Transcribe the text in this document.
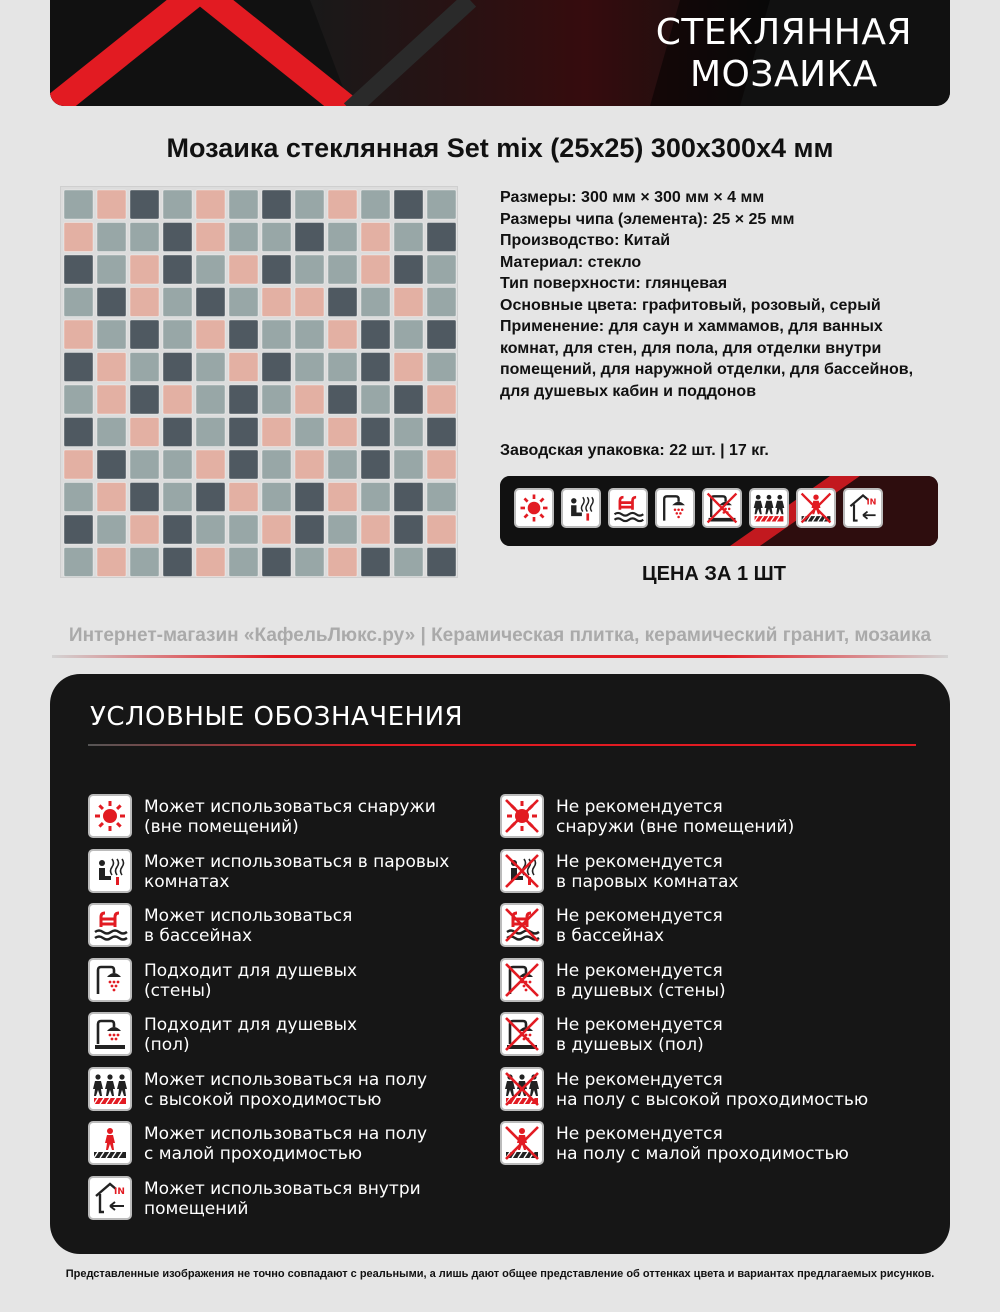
СТЕКЛЯННАЯ
МОЗАИКА
Мозаика стеклянная Set mix (25x25) 300x300x4 мм
Размеры: 300 мм × 300 мм × 4 мм
Размеры чипа (элемента): 25 × 25 мм
Производство: Китай
Материал: стекло
Тип поверхности: глянцевая
Основные цвета: графитовый, розовый, серый
Применение: для саун и хаммамов, для ванных
комнат, для стен, для пола, для отделки внутри
помещений, для наружной отделки, для бассейнов,
для душевых кабин и поддонов
Заводская упаковка: 22 шт. | 17 кг.
IN
ЦЕНА ЗА 1 ШТ
Интернет-магазин «КафельЛюкс.ру» | Керамическая плитка, керамический гранит, мозаика
УСЛОВНЫЕ ОБОЗНАЧЕНИЯ
Может использоваться снаружи
(вне помещений)
Может использоваться в паровых
комнатах
Может использоваться
в бассейнах
Подходит для душевых
(стены)
Подходит для душевых
(пол)
Может использоваться на полу
с высокой проходимостью
Может использоваться на полу
с малой проходимостью
IN Может использоваться внутри
помещений
Не рекомендуется
снаружи (вне помещений)
Не рекомендуется
в паровых комнатах
Не рекомендуется
в бассейнах
Не рекомендуется
в душевых (стены)
Не рекомендуется
в душевых (пол)
Не рекомендуется
на полу с высокой проходимостью
Не рекомендуется
на полу с малой проходимостью
Представленные изображения не точно совпадают с реальными, а лишь дают общее представление об оттенках цвета и вариантах предлагаемых рисунков.
